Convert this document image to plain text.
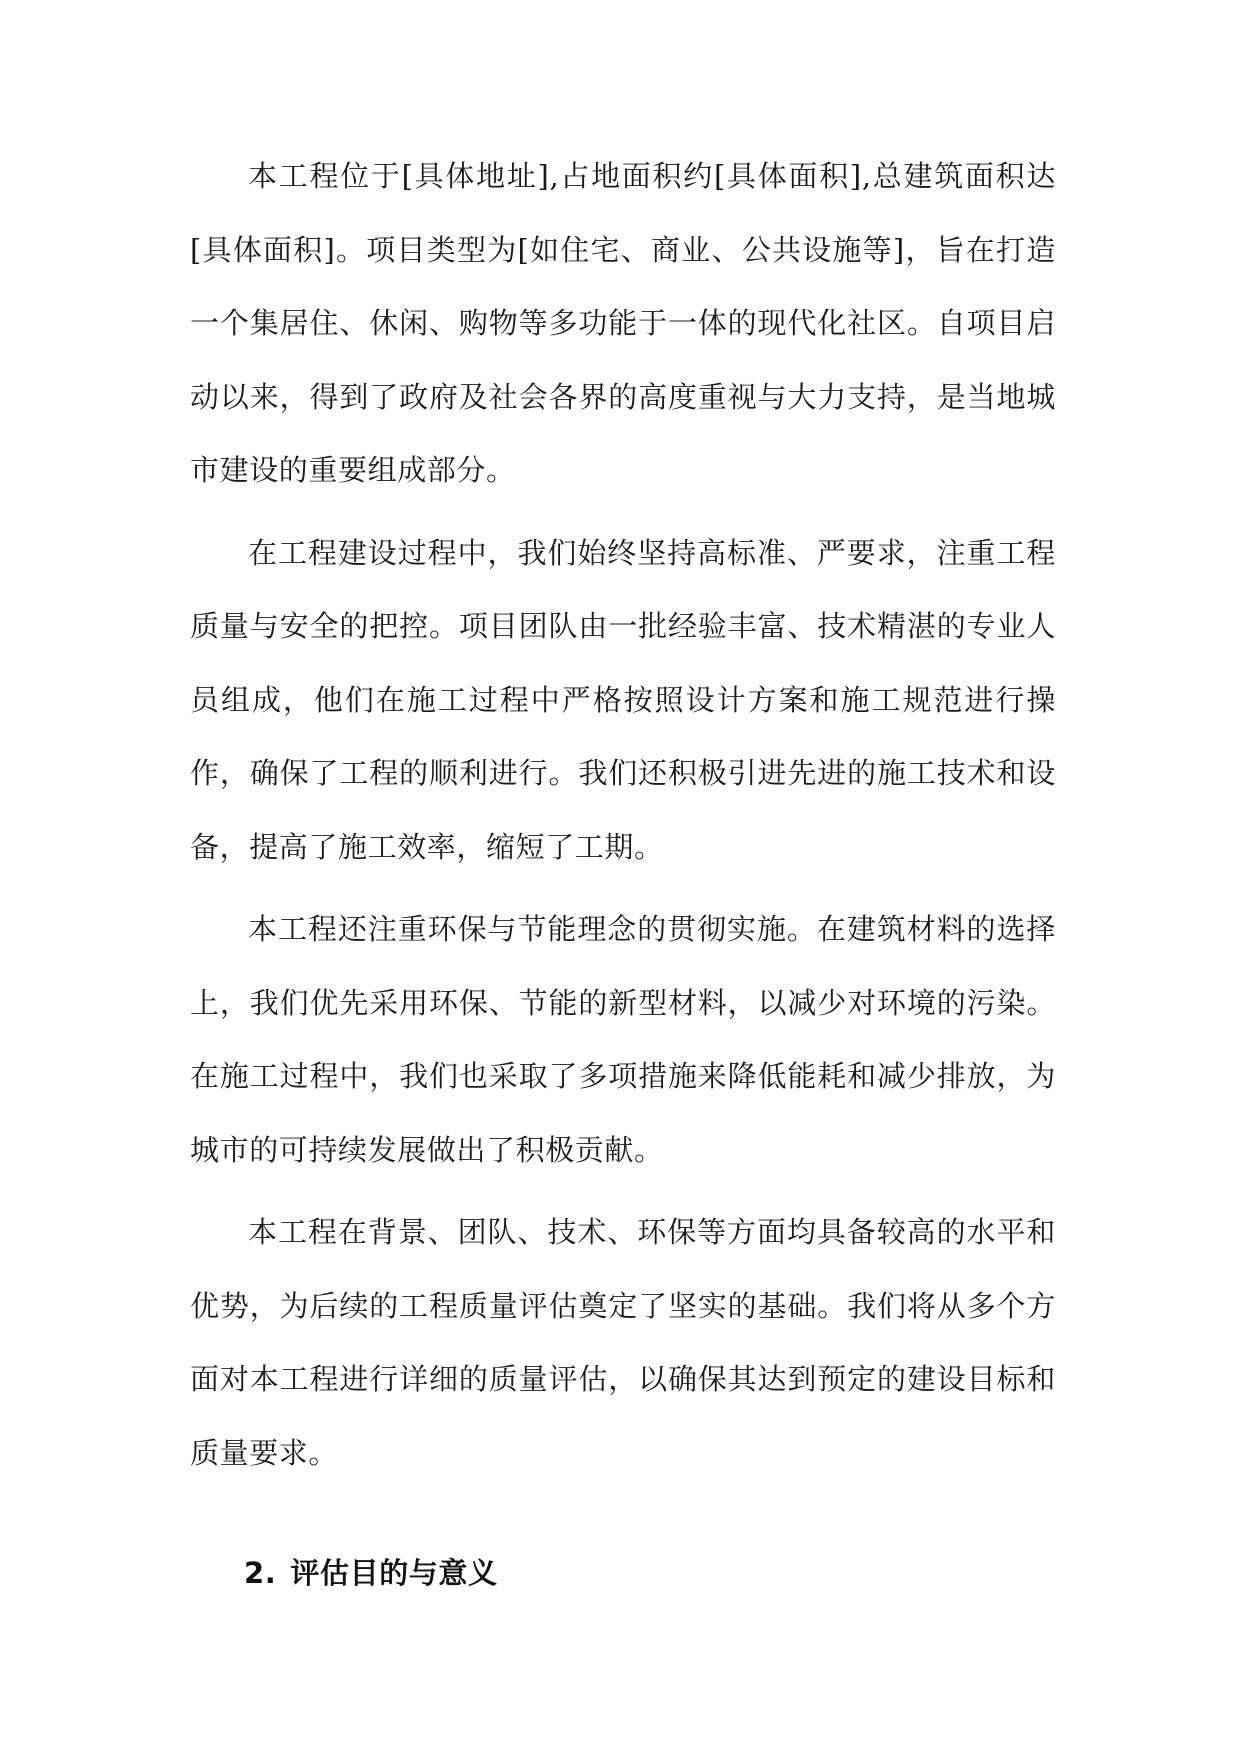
本工程位于[具体地址],占地面积约[具体面积],总建筑面积达[具体面积]。项目类型为[如住宅、商业、公共设施等]，旨在打造一个集居住、休闲、购物等多功能于一体的现代化社区。自项目启动以来，得到了政府及社会各界的高度重视与大力支持，是当地城市建设的重要组成部分。

在工程建设过程中，我们始终坚持高标准、严要求，注重工程质量与安全的把控。项目团队由一批经验丰富、技术精湛的专业人员组成，他们在施工过程中严格按照设计方案和施工规范进行操作，确保了工程的顺利进行。我们还积极引进先进的施工技术和设备，提高了施工效率，缩短了工期。

本工程还注重环保与节能理念的贯彻实施。在建筑材料的选择上，我们优先采用环保、节能的新型材料，以减少对环境的污染。在施工过程中，我们也采取了多项措施来降低能耗和减少排放，为城市的可持续发展做出了积极贡献。

本工程在背景、团队、技术、环保等方面均具备较高的水平和优势，为后续的工程质量评估奠定了坚实的基础。我们将从多个方面对本工程进行详细的质量评估，以确保其达到预定的建设目标和质量要求。

2. 评估目的与意义
